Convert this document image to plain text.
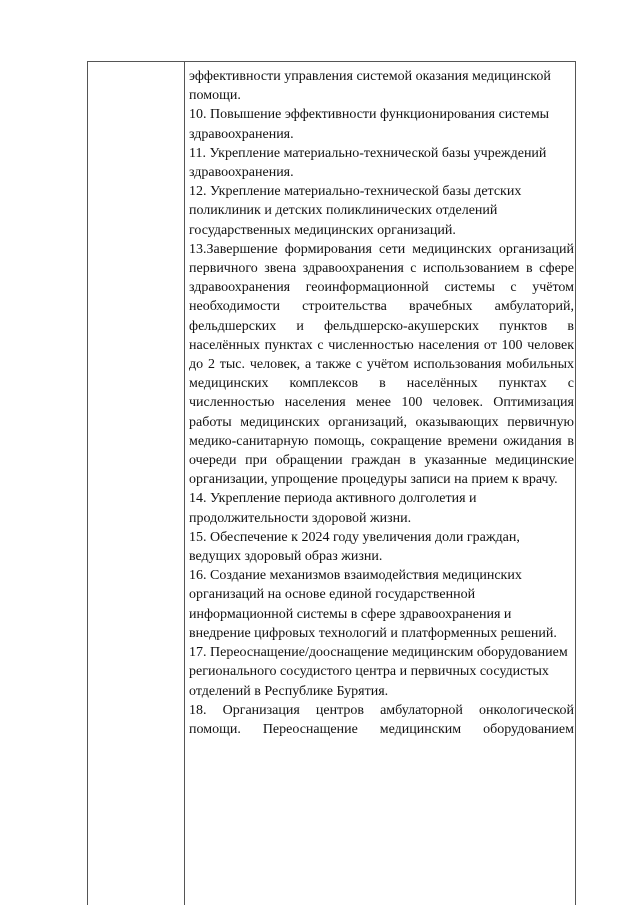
эффективности управления системой оказания медицинской помощи.

10. Повышение эффективности функционирования системы здравоохранения.

11. Укрепление материально-технической базы учреждений здравоохранения.

12. Укрепление материально-технической базы детских поликлиник и детских поликлинических отделений государственных медицинских организаций.

13.Завершение формирования сети медицинских организаций первичного звена здравоохранения с использованием в сфере здравоохранения геоинформационной системы с учётом необходимости строительства врачебных амбулаторий, фельдшерских и фельдшерско-акушерских пунктов в населённых пунктах с численностью населения от 100 человек до 2 тыс. человек, а также с учётом использования мобильных медицинских комплексов в населённых пунктах с численностью населения менее 100 человек. Оптимизация работы медицинских организаций, оказывающих первичную медико-санитарную помощь, сокращение времени ожидания в очереди при обращении граждан в указанные медицинские организации, упрощение процедуры записи на прием к врачу.

14. Укрепление периода активного долголетия и продолжительности здоровой жизни.

15. Обеспечение к 2024 году увеличения доли граждан, ведущих здоровый образ жизни.

16. Создание механизмов взаимодействия медицинских организаций на основе единой государственной информационной системы в сфере здравоохранения и внедрение цифровых технологий и платформенных решений.

17. Переоснащение/дооснащение медицинским оборудованием регионального сосудистого центра и первичных сосудистых отделений в Республике Бурятия.

18. Организация центров амбулаторной онкологической помощи. Переоснащение медицинским оборудованием
